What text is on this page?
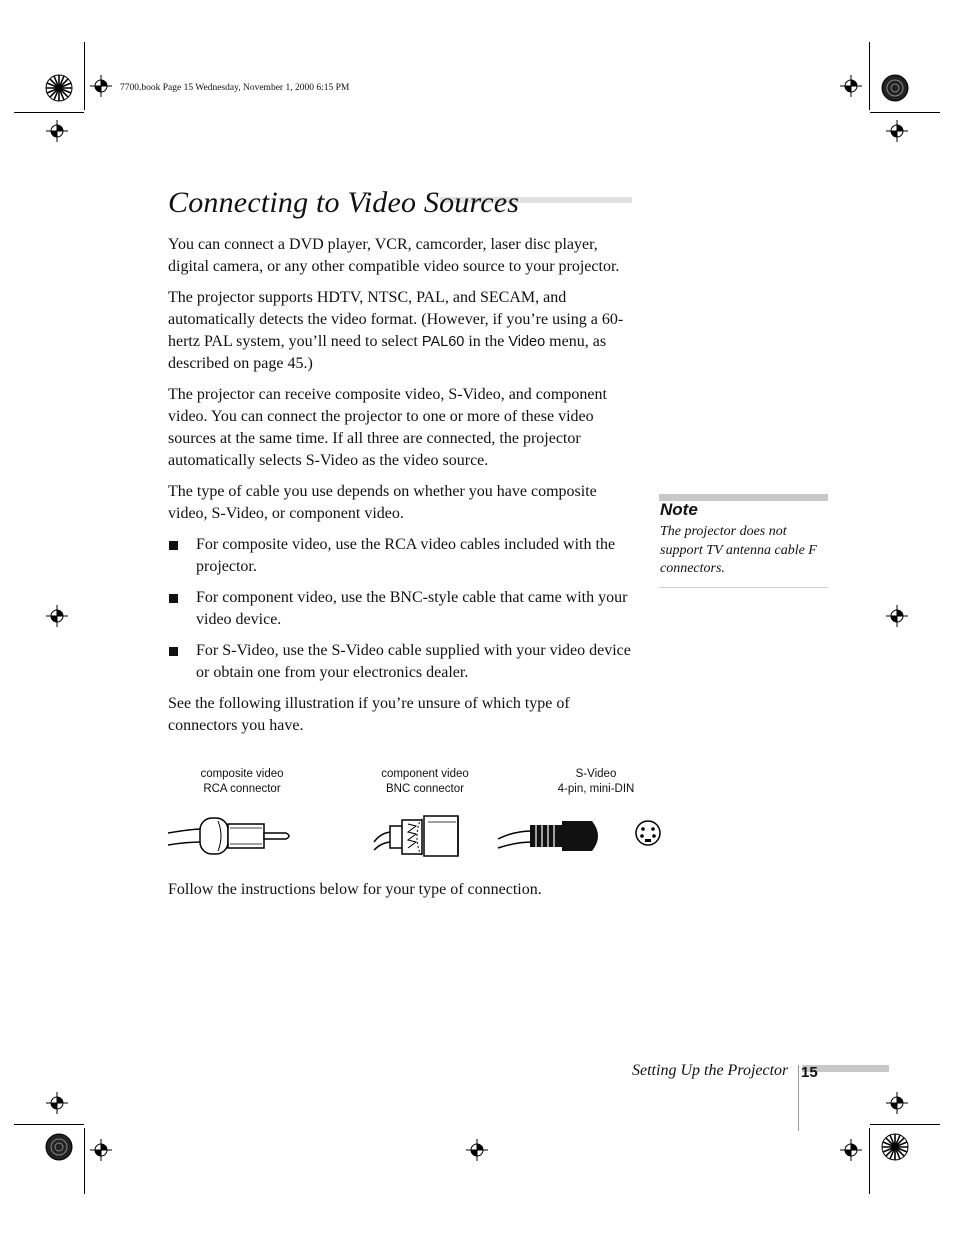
7700.book Page 15 Wednesday, November 1, 2000 6:15 PM
Connecting to Video Sources

You can connect a DVD player, VCR, camcorder, laser disc player, digital camera, or any other compatible video source to your projector.

The projector supports HDTV, NTSC, PAL, and SECAM, and automatically detects the video format. (However, if you’re using a 60-hertz PAL system, you’ll need to select PAL60 in the Video menu, as described on page 45.)

The projector can receive composite video, S-Video, and component video. You can connect the projector to one or more of these video sources at the same time. If all three are connected, the projector automatically selects S-Video as the video source.

The type of cable you use depends on whether you have composite video, S-Video, or component video.

For composite video, use the RCA video cables included with the projector.
For component video, use the BNC-style cable that came with your video device.
For S-Video, use the S-Video cable supplied with your video device or obtain one from your electronics dealer.

See the following illustration if you’re unsure of which type of connectors you have.

Note
The projector does not support TV antenna cable F connectors.
composite video
RCA connector
component video
BNC connector
S-Video
4-pin, mini-DIN
Follow the instructions below for your type of connection.
Setting Up the Projector 15
